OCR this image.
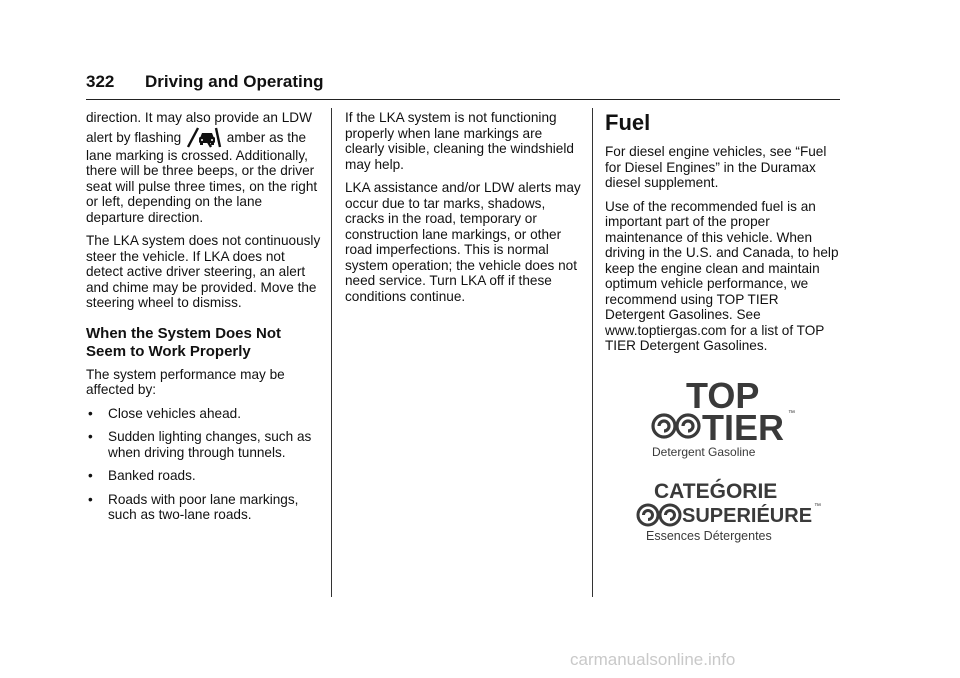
322 Driving and Operating

direction. It may also provide an LDW alert by flashing	amber as the lane marking is crossed. Additionally, there will be three beeps, or the driver seat will pulse three times, on the right or left, depending on the lane departure direction.

The LKA system does not continuously steer the vehicle. If LKA does not detect active driver steering, an alert and chime may be provided. Move the steering wheel to dismiss.

When the System Does Not Seem to Work Properly

The system performance may be affected by:

• Close vehicles ahead.
• Sudden lighting changes, such as when driving through tunnels.
• Banked roads.
• Roads with poor lane markings, such as two-lane roads.

If the LKA system is not functioning properly when lane markings are clearly visible, cleaning the windshield may help.

LKA assistance and/or LDW alerts may occur due to tar marks, shadows, cracks in the road, temporary or construction lane markings, or other road imperfections. This is normal system operation; the vehicle does not need service. Turn LKA off if these conditions continue.

Fuel

For diesel engine vehicles, see “Fuel for Diesel Engines” in the Duramax diesel supplement.

Use of the recommended fuel is an important part of the proper maintenance of this vehicle. When driving in the U.S. and Canada, to help keep the engine clean and maintain optimum vehicle performance, we recommend using TOP TIER Detergent Gasolines. See www.toptiergas.com for a list of TOP TIER Detergent Gasolines.

TOP
TIER ™
Detergent Gasoline
CATEǴORIE
SUPERIÉURE ™
Essences Détergentes
carmanualsonline.info
